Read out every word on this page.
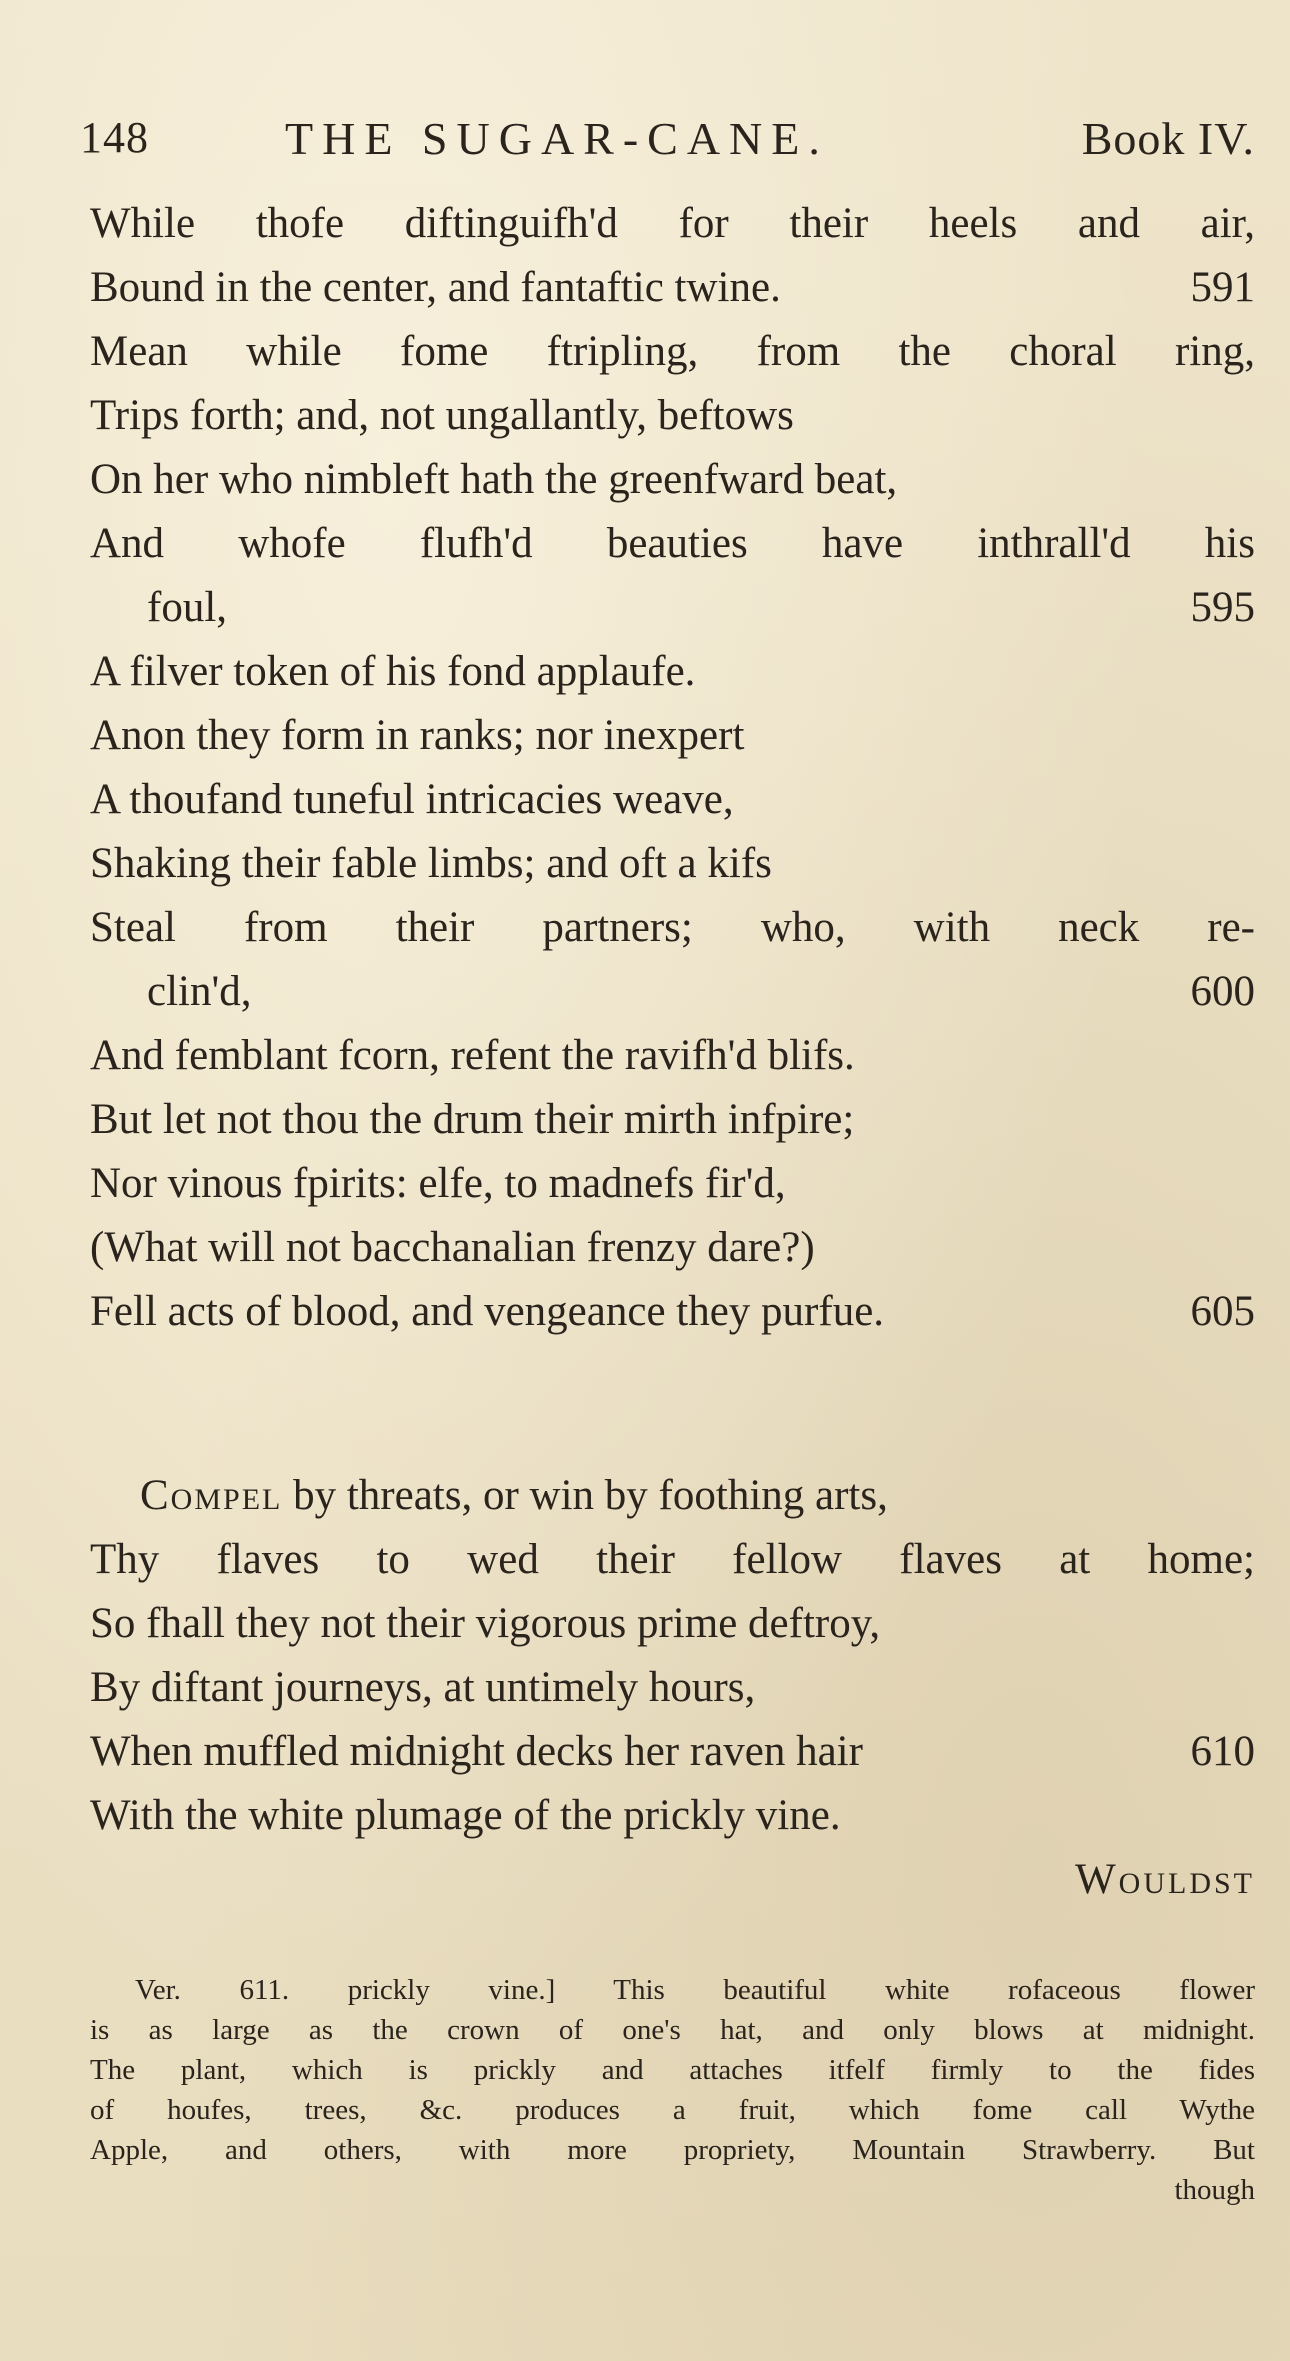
148	THE SUGAR-CANE.	Book IV.
While thofe diftinguifh'd for their heels and air,
Bound in the center, and fantaftic twine.	591
Mean while fome ftripling, from the choral ring,
Trips forth; and, not ungallantly, beftows
On her who nimbleft hath the greenfward beat,
And whofe flufh'd beauties have inthrall'd his
foul,	595
A filver token of his fond applaufe.
Anon they form in ranks; nor inexpert
A thoufand tuneful intricacies weave,
Shaking their fable limbs; and oft a kifs
Steal from their partners; who, with neck re-
clin'd,	600
And femblant fcorn, refent the ravifh'd blifs.
But let not thou the drum their mirth infpire;
Nor vinous fpirits: elfe, to madnefs fir'd,
(What will not bacchanalian frenzy dare?)
Fell acts of blood, and vengeance they purfue.	605
Compel by threats, or win by foothing arts,
Thy flaves to wed their fellow flaves at home;
So fhall they not their vigorous prime deftroy,
By diftant journeys, at untimely hours,
When muffled midnight decks her raven hair	610
With the white plumage of the prickly vine.
Wouldst
Ver. 611. prickly vine.] This beautiful white rofaceous flower
is as large as the crown of one's hat, and only blows at midnight.
The plant, which is prickly and attaches itfelf firmly to the fides
of houfes, trees, &c. produces a fruit, which fome call Wythe
Apple, and others, with more propriety, Mountain Strawberry. But
though
